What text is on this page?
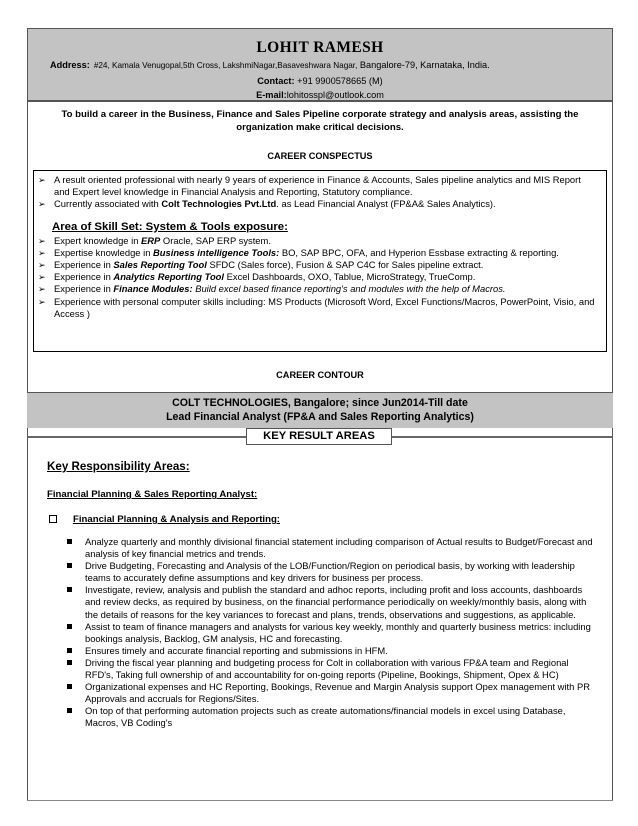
LOHIT RAMESH
Address: #24, Kamala Venugopal,5th Cross, LakshmiNagar,Basaveshwara Nagar, Bangalore-79, Karnataka, India.
Contact: +91 9900578665 (M)
E-mail:lohitosspl@outlook.com
To build a career in the Business, Finance and Sales Pipeline corporate strategy and analysis areas, assisting the organization make critical decisions.
CAREER CONSPECTUS
➢ A result oriented professional with nearly 9 years of experience in Finance & Accounts, Sales pipeline analytics and MIS Report and Expert level knowledge in Financial Analysis and Reporting, Statutory compliance.
➢ Currently associated with Colt Technologies Pvt.Ltd. as Lead Financial Analyst (FP&A& Sales Analytics).
Area of Skill Set: System & Tools exposure:
➢ Expert knowledge in ERP Oracle, SAP ERP system.
➢ Expertise knowledge in Business intelligence Tools: BO, SAP BPC, OFA, and Hyperion Essbase extracting & reporting.
➢ Experience in Sales Reporting Tool SFDC (Sales force), Fusion & SAP C4C for Sales pipeline extract.
➢ Experience in Analytics Reporting Tool Excel Dashboards, OXO, Tablue, MicroStrategy, TrueComp.
➢ Experience in Finance Modules: Build excel based finance reporting's and modules with the help of Macros.
➢ Experience with personal computer skills including: MS Products (Microsoft Word, Excel Functions/Macros, PowerPoint, Visio, and Access )
CAREER CONTOUR
COLT TECHNOLOGIES, Bangalore; since Jun2014-Till date
Lead Financial Analyst (FP&A and Sales Reporting Analytics)
KEY RESULT AREAS
Key Responsibility Areas:
Financial Planning & Sales Reporting Analyst:
Financial Planning & Analysis and Reporting:
Analyze quarterly and monthly divisional financial statement including comparison of Actual results to Budget/Forecast and analysis of key financial metrics and trends.
Drive Budgeting, Forecasting and Analysis of the LOB/Function/Region on periodical basis, by working with leadership teams to accurately define assumptions and key drivers for business per process.
Investigate, review, analysis and publish the standard and adhoc reports, including profit and loss accounts, dashboards and review decks, as required by business, on the financial performance periodically on weekly/monthly basis, along with the details of reasons for the key variances to forecast and plans, trends, observations and suggestions, as applicable.
Assist to team of finance managers and analysts for various key weekly, monthly and quarterly business metrics: including bookings analysis, Backlog, GM analysis, HC and forecasting.
Ensures timely and accurate financial reporting and submissions in HFM.
Driving the fiscal year planning and budgeting process for Colt in collaboration with various FP&A team and Regional RFD's, Taking full ownership of and accountability for on-going reports (Pipeline, Bookings, Shipment, Opex & HC)
Organizational expenses and HC Reporting, Bookings, Revenue and Margin Analysis support Opex management with PR Approvals and accruals for Regions/Sites.
On top of that performing automation projects such as create automations/financial models in excel using Database, Macros, VB Coding's
